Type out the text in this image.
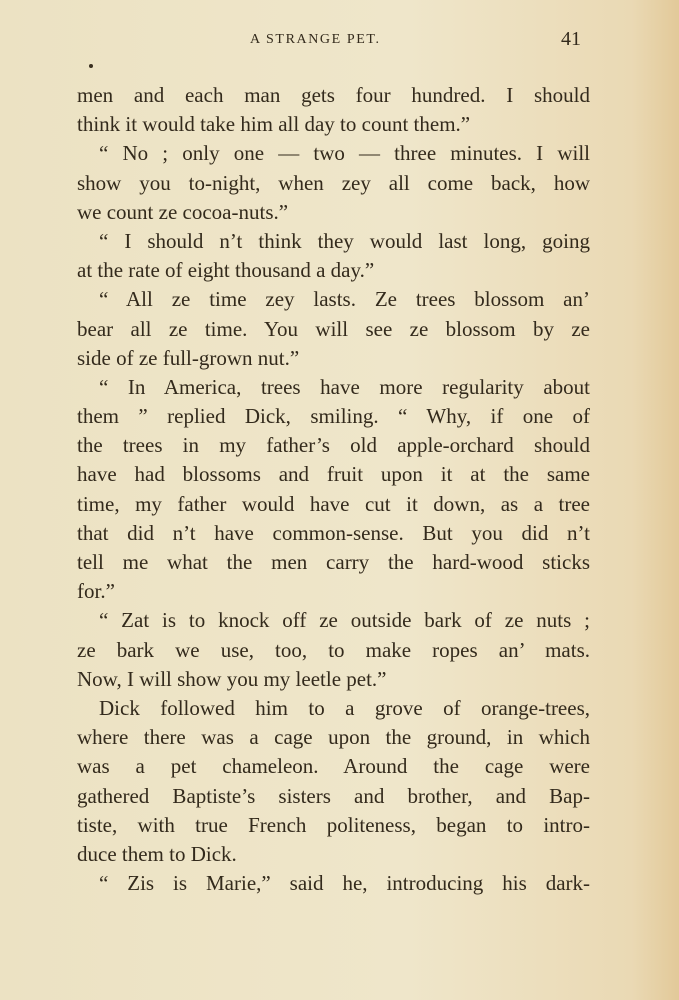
A STRANGE PET.	41
men and each man gets four hundred. I should
think it would take him all day to count them.”
“ No ; only one — two — three minutes. I will
show you to-night, when zey all come back, how
we count ze cocoa-nuts.”
“ I should n’t think they would last long, going
at the rate of eight thousand a day.”
“ All ze time zey lasts. Ze trees blossom an’
bear all ze time. You will see ze blossom by ze
side of ze full-grown nut.”
“ In America, trees have more regularity about
them ” replied Dick, smiling. “ Why, if one of
the trees in my father’s old apple-orchard should
have had blossoms and fruit upon it at the same
time, my father would have cut it down, as a tree
that did n’t have common-sense. But you did n’t
tell me what the men carry the hard-wood sticks
for.”
“ Zat is to knock off ze outside bark of ze nuts ;
ze bark we use, too, to make ropes an’ mats.
Now, I will show you my leetle pet.”
Dick followed him to a grove of orange-trees,
where there was a cage upon the ground, in which
was a pet chameleon. Around the cage were
gathered Baptiste’s sisters and brother, and Bap-
tiste, with true French politeness, began to intro-
duce them to Dick.
“ Zis is Marie,” said he, introducing his dark-
